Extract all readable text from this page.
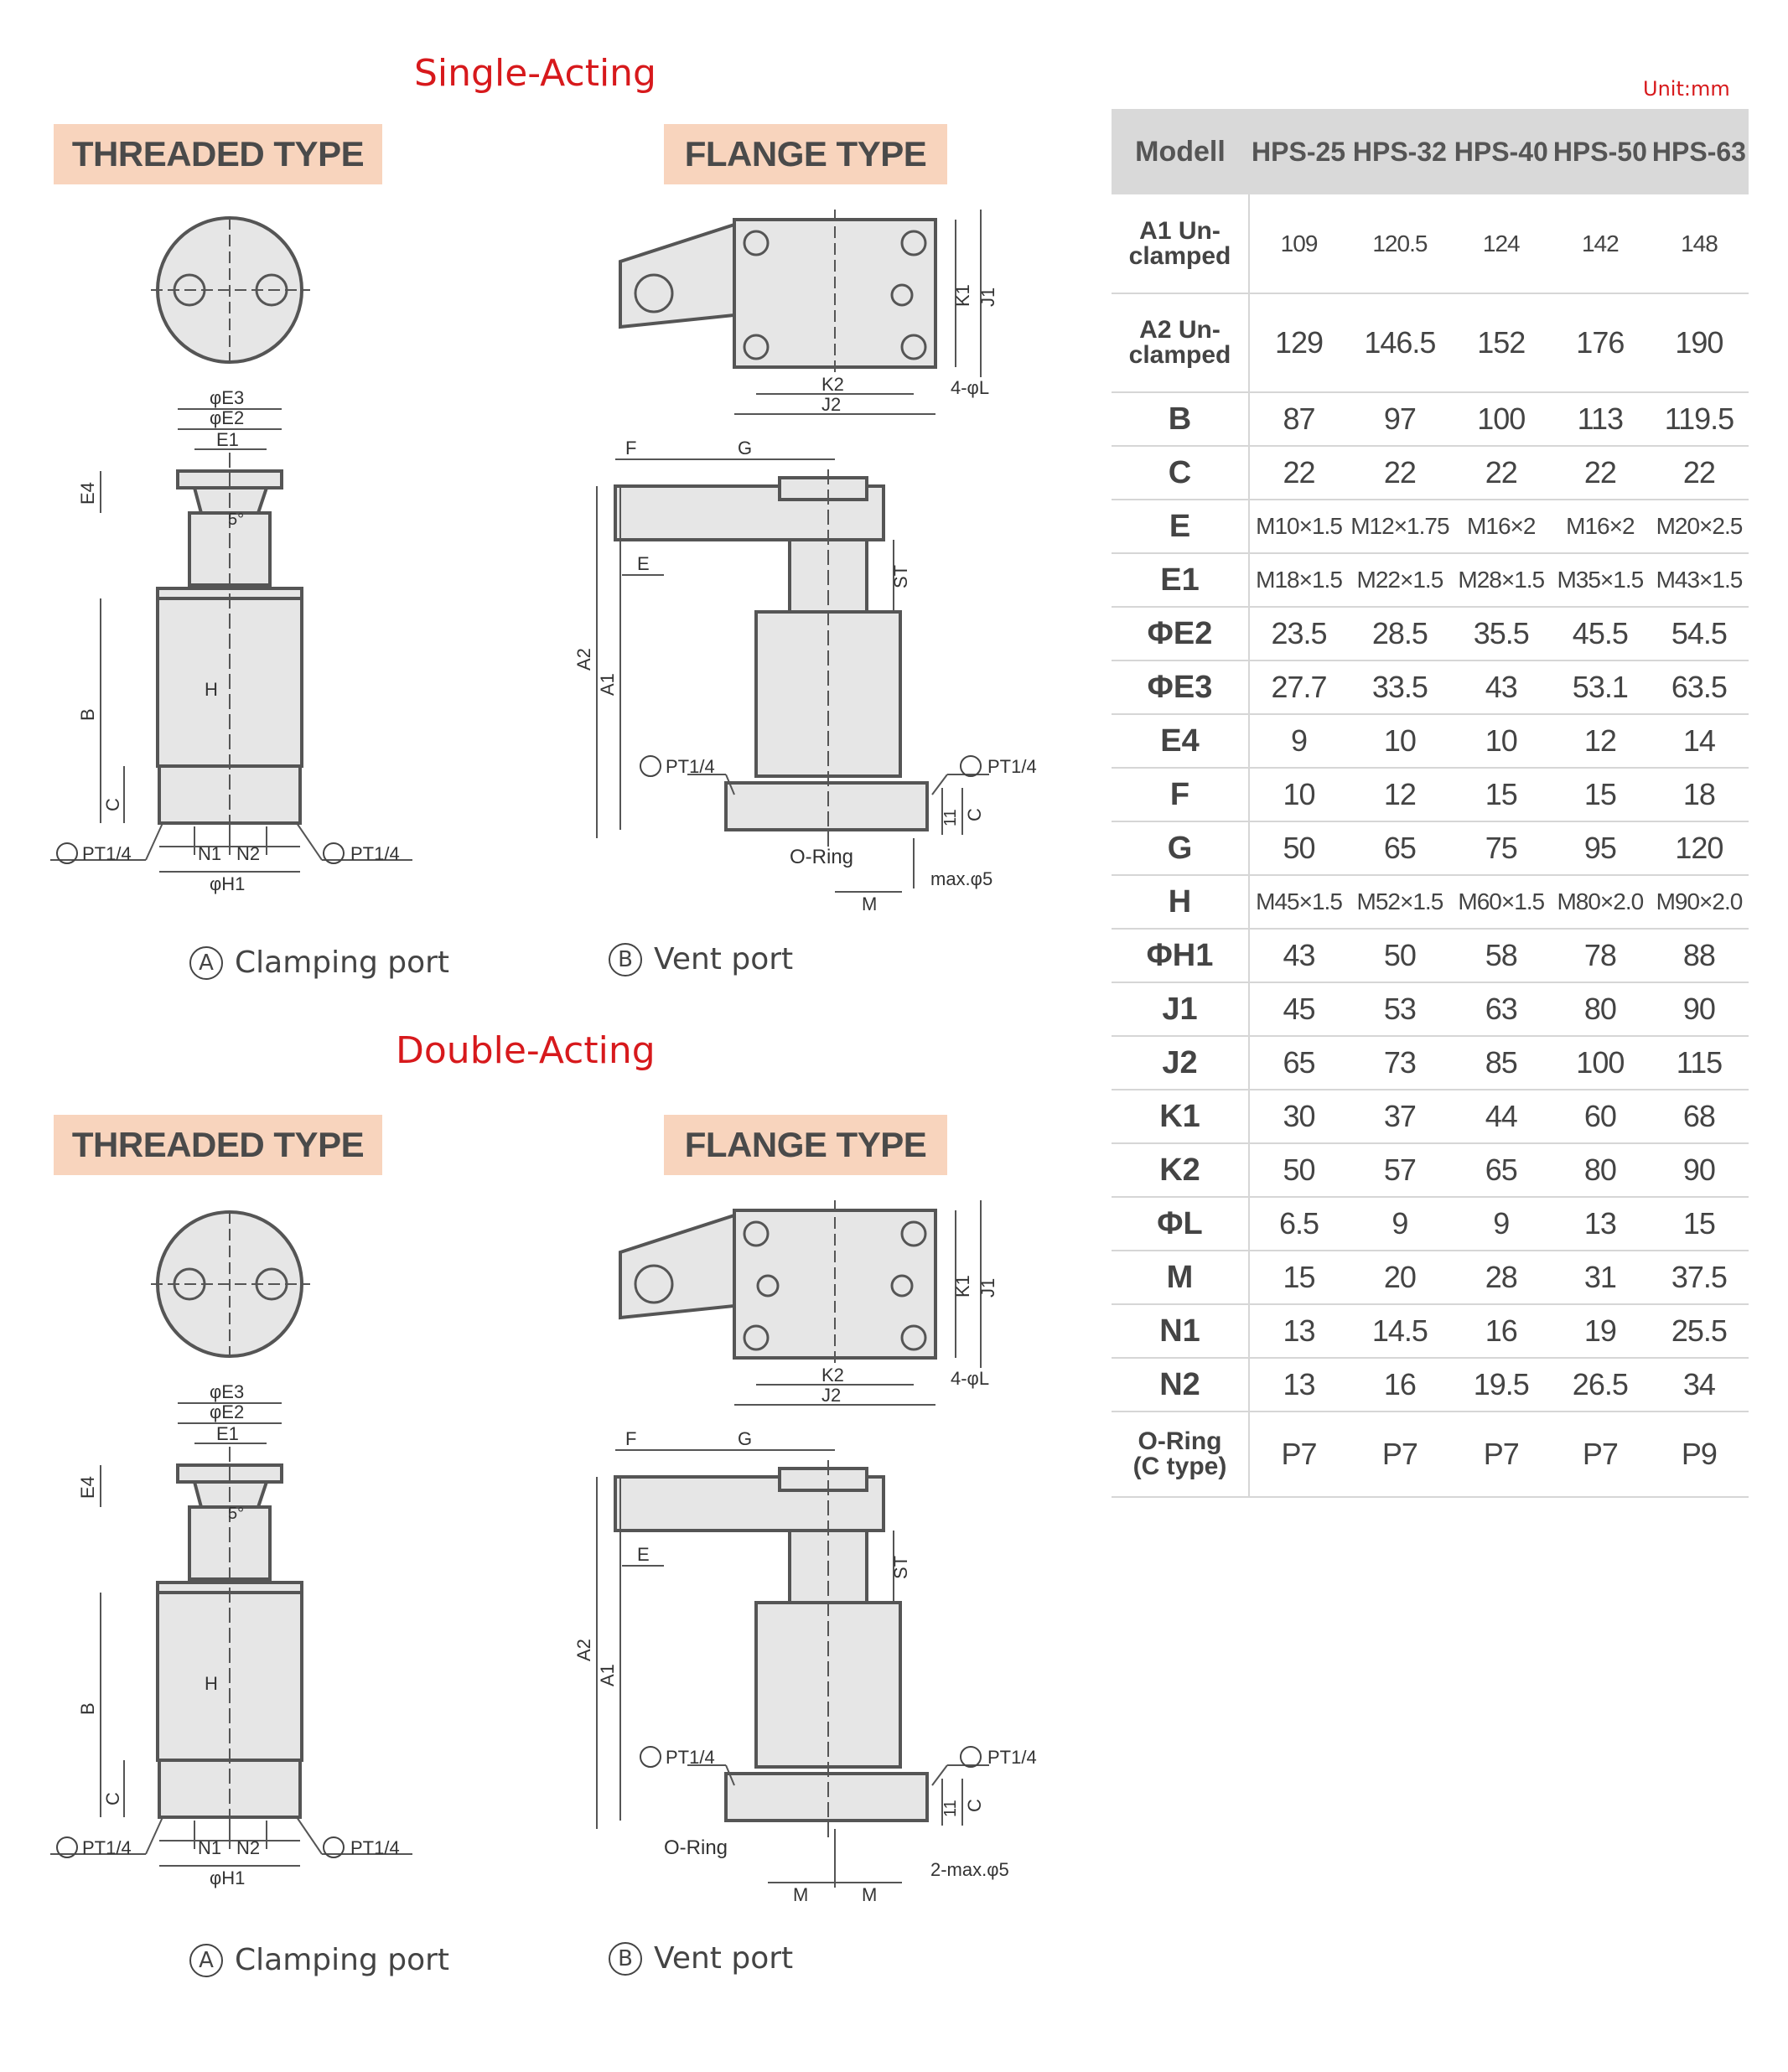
Single-Acting
Double-Acting
THREADED TYPE	FLANGE TYPE
THREADED TYPE	FLANGE TYPE
A Clamping port	B Vent port
A Clamping port	B Vent port
φE3
φE2
E1
E4
5°
B
H
C
N1 N2
φH1
PT1/4	PT1/4
K1 J1
K2
J2
4-φL
F	G
E
ST
A2
A1
PT1/4	PT1/4
11 C
O-Ring
M
max.φ5
φE3
φE2
E1
E4
5°
B
H
C
N1 N2
φH1
PT1/4	PT1/4
K1 J1
K2
J2
4-φL
F	G
E
ST
A2
A1
PT1/4	PT1/4
11 C
O-Ring
M	M
2-max.φ5
Unit:mm
Modell	HPS-25	HPS-32	HPS-40	HPS-50	HPS-63
A1 Un-clamped	109	120.5	124	142	148
A2 Un-clamped	129	146.5	152	176	190
B	87	97	100	113	119.5
C	22	22	22	22	22
E	M10×1.5	M12×1.75	M16×2	M16×2	M20×2.5
E1	M18×1.5	M22×1.5	M28×1.5	M35×1.5	M43×1.5
ΦE2	23.5	28.5	35.5	45.5	54.5
ΦE3	27.7	33.5	43	53.1	63.5
E4	9	10	10	12	14
F	10	12	15	15	18
G	50	65	75	95	120
H	M45×1.5	M52×1.5	M60×1.5	M80×2.0	M90×2.0
ΦH1	43	50	58	78	88
J1	45	53	63	80	90
J2	65	73	85	100	115
K1	30	37	44	60	68
K2	50	57	65	80	90
ΦL	6.5	9	9	13	15
M	15	20	28	31	37.5
N1	13	14.5	16	19	25.5
N2	13	16	19.5	26.5	34
O-Ring (C type)	P7	P7	P7	P7	P9
